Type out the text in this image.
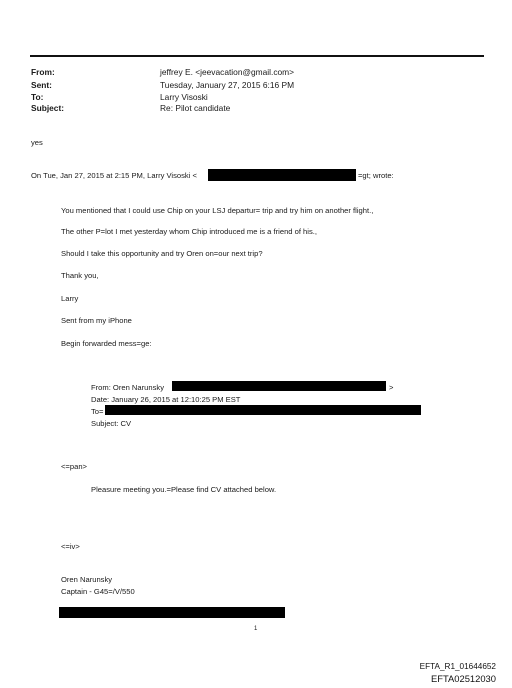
From:
Sent:
To:
Subject:
jeffrey E. <jeevacation@gmail.com>
Tuesday, January 27, 2015 6:16 PM
Larry Visoski
Re: Pilot candidate
yes
On Tue, Jan 27, 2015 at 2:15 PM, Larry Visoski <	=gt; wrote:
You mentioned that I could use Chip on your LSJ departur= trip and try him on another flight.,
The other P=lot I met yesterday whom Chip introduced me is a friend of his.,
Should I take this opportunity and try Oren on=our next trip?
Thank you,
Larry
Sent from my iPhone
Begin forwarded mess=ge:
From: Oren Narunsky	>
Date: January 26, 2015 at 12:10:25 PM EST
To=
Subject: CV
<=pan>
Pleasure meeting you.=Please find CV attached below.
<=iv>
Oren Narunsky
Captain - G45=/V/550
1
EFTA_R1_01644652
EFTA02512030
